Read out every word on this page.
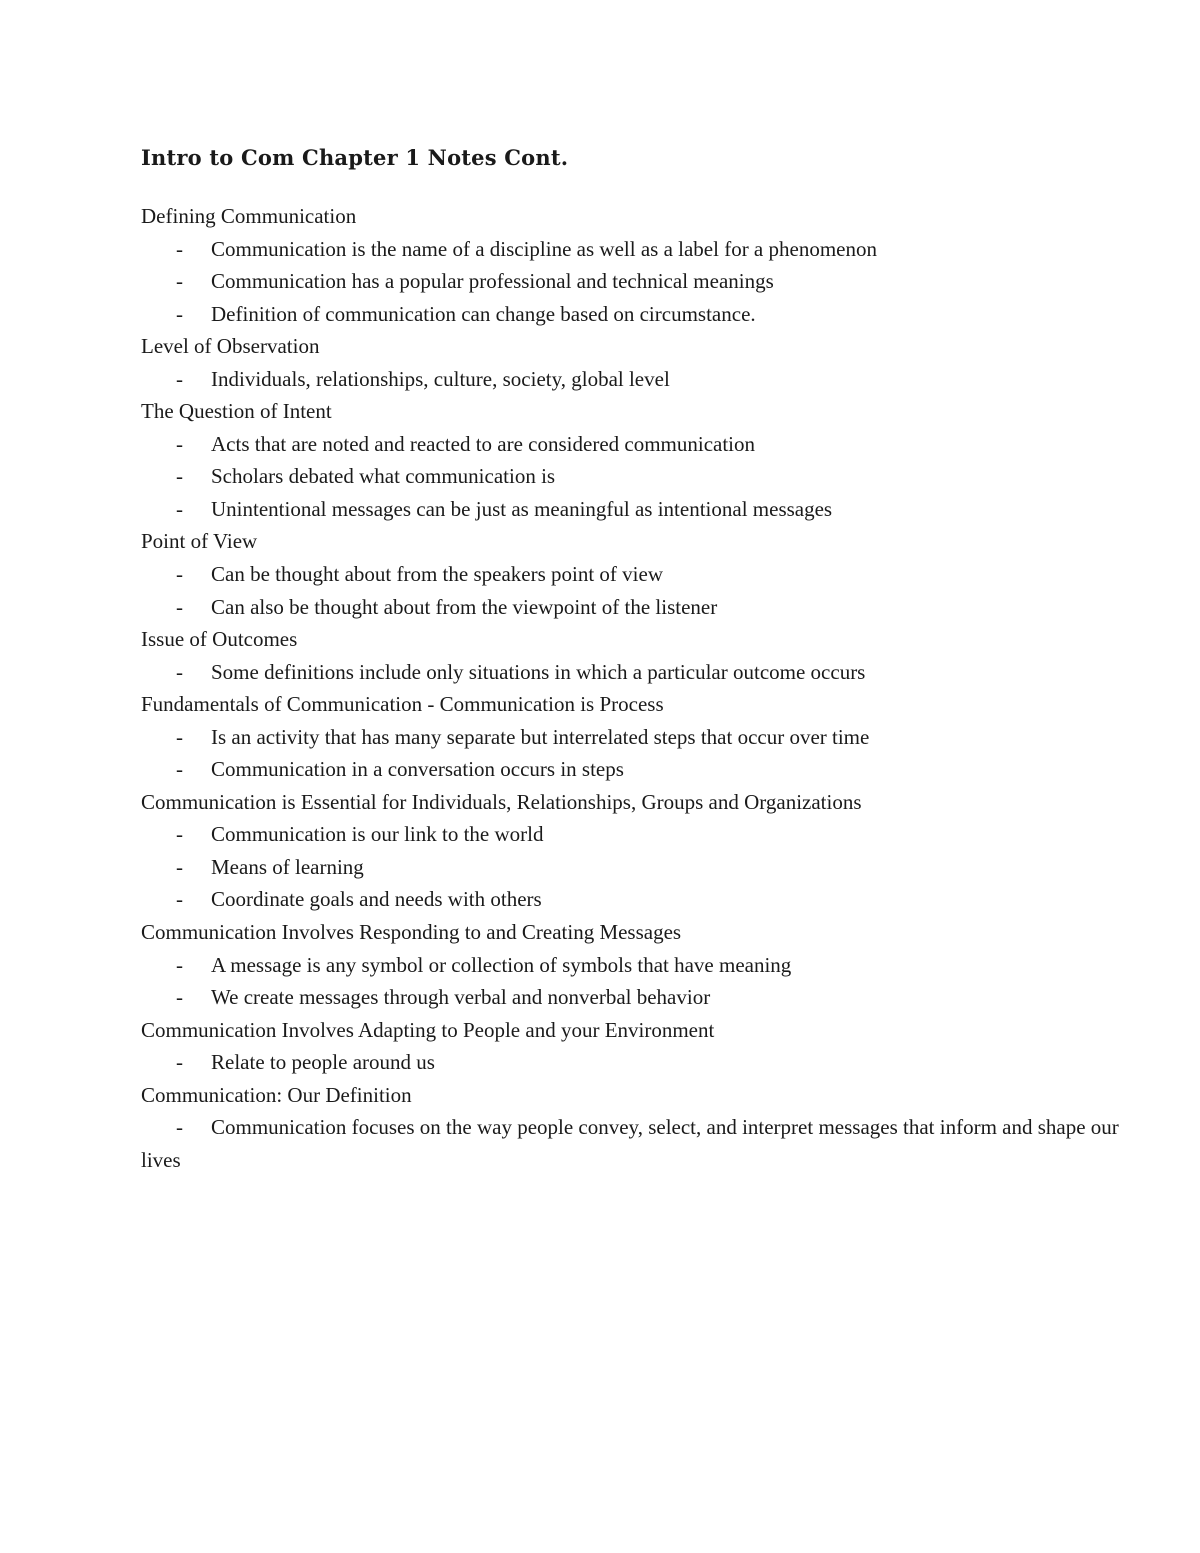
Intro to Com Chapter 1 Notes Cont.
Defining Communication
- Communication is the name of a discipline as well as a label for a phenomenon
- Communication has a popular professional and technical meanings
- Definition of communication can change based on circumstance.
Level of Observation
- Individuals, relationships, culture, society, global level
The Question of Intent
- Acts that are noted and reacted to are considered communication
- Scholars debated what communication is
- Unintentional messages can be just as meaningful as intentional messages
Point of View
- Can be thought about from the speakers point of view
- Can also be thought about from the viewpoint of the listener
Issue of Outcomes
- Some definitions include only situations in which a particular outcome occurs
Fundamentals of Communication - Communication is Process
- Is an activity that has many separate but interrelated steps that occur over time
- Communication in a conversation occurs in steps
Communication is Essential for Individuals, Relationships, Groups and Organizations
- Communication is our link to the world
- Means of learning
- Coordinate goals and needs with others
Communication Involves Responding to and Creating Messages
- A message is any symbol or collection of symbols that have meaning
- We create messages through verbal and nonverbal behavior
Communication Involves Adapting to People and your Environment
- Relate to people around us
Communication: Our Definition
- Communication focuses on the way people convey, select, and interpret messages that inform and shape our lives
